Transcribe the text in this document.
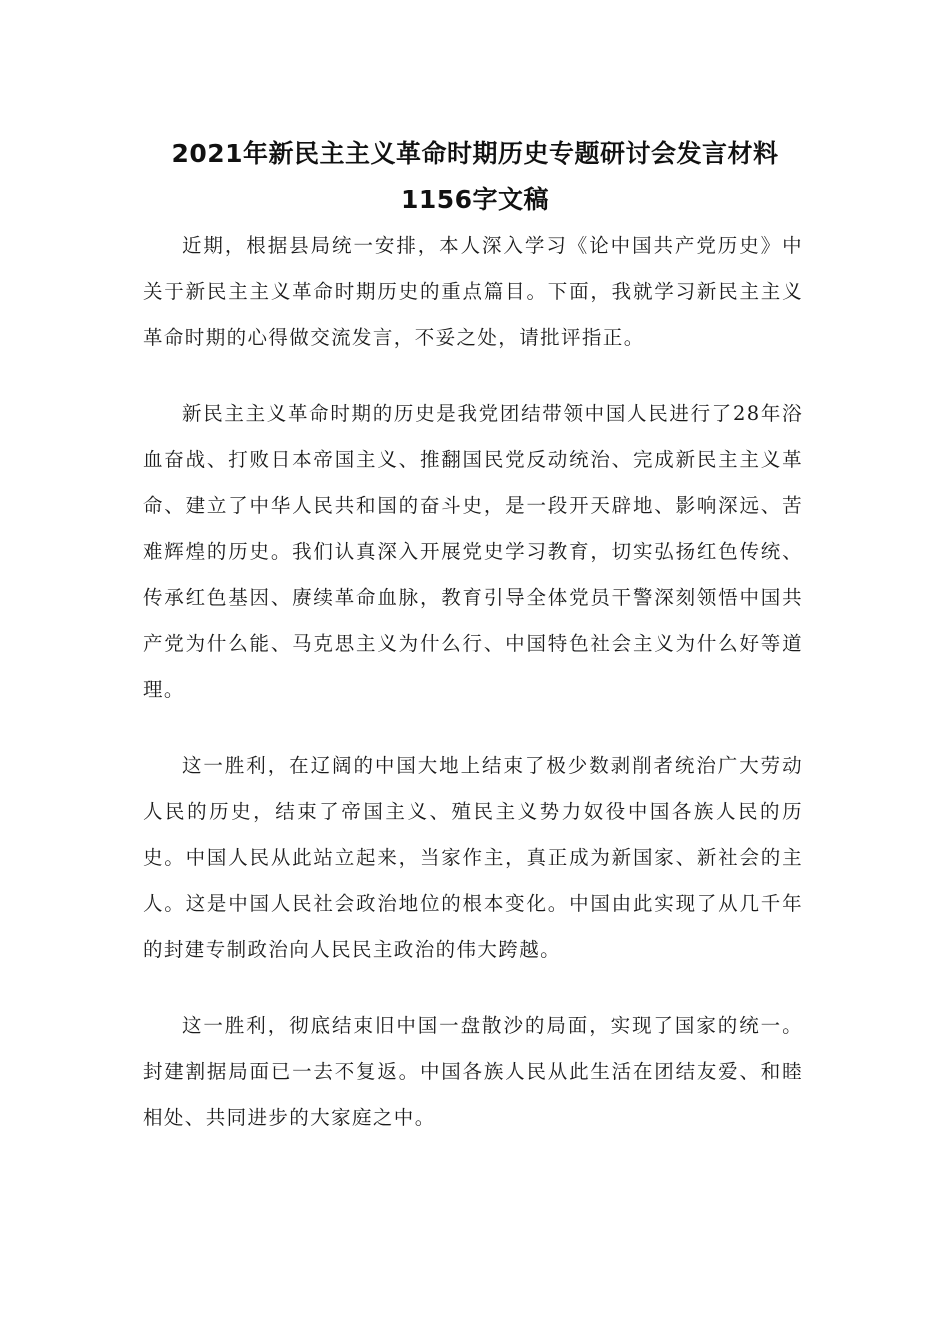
2021年新民主主义革命时期历史专题研讨会发言材料1156字文稿

近期，根据县局统一安排，本人深入学习《论中国共产党历史》中关于新民主主义革命时期历史的重点篇目。下面，我就学习新民主主义革命时期的心得做交流发言，不妥之处，请批评指正。

新民主主义革命时期的历史是我党团结带领中国人民进行了28年浴血奋战、打败日本帝国主义、推翻国民党反动统治、完成新民主主义革命、建立了中华人民共和国的奋斗史，是一段开天辟地、影响深远、苦难辉煌的历史。我们认真深入开展党史学习教育，切实弘扬红色传统、传承红色基因、赓续革命血脉，教育引导全体党员干警深刻领悟中国共产党为什么能、马克思主义为什么行、中国特色社会主义为什么好等道理。

这一胜利，在辽阔的中国大地上结束了极少数剥削者统治广大劳动人民的历史，结束了帝国主义、殖民主义势力奴役中国各族人民的历史。中国人民从此站立起来，当家作主，真正成为新国家、新社会的主人。这是中国人民社会政治地位的根本变化。中国由此实现了从几千年的封建专制政治向人民民主政治的伟大跨越。

这一胜利，彻底结束旧中国一盘散沙的局面，实现了国家的统一。封建割据局面已一去不复返。中国各族人民从此生活在团结友爱、和睦相处、共同进步的大家庭之中。
